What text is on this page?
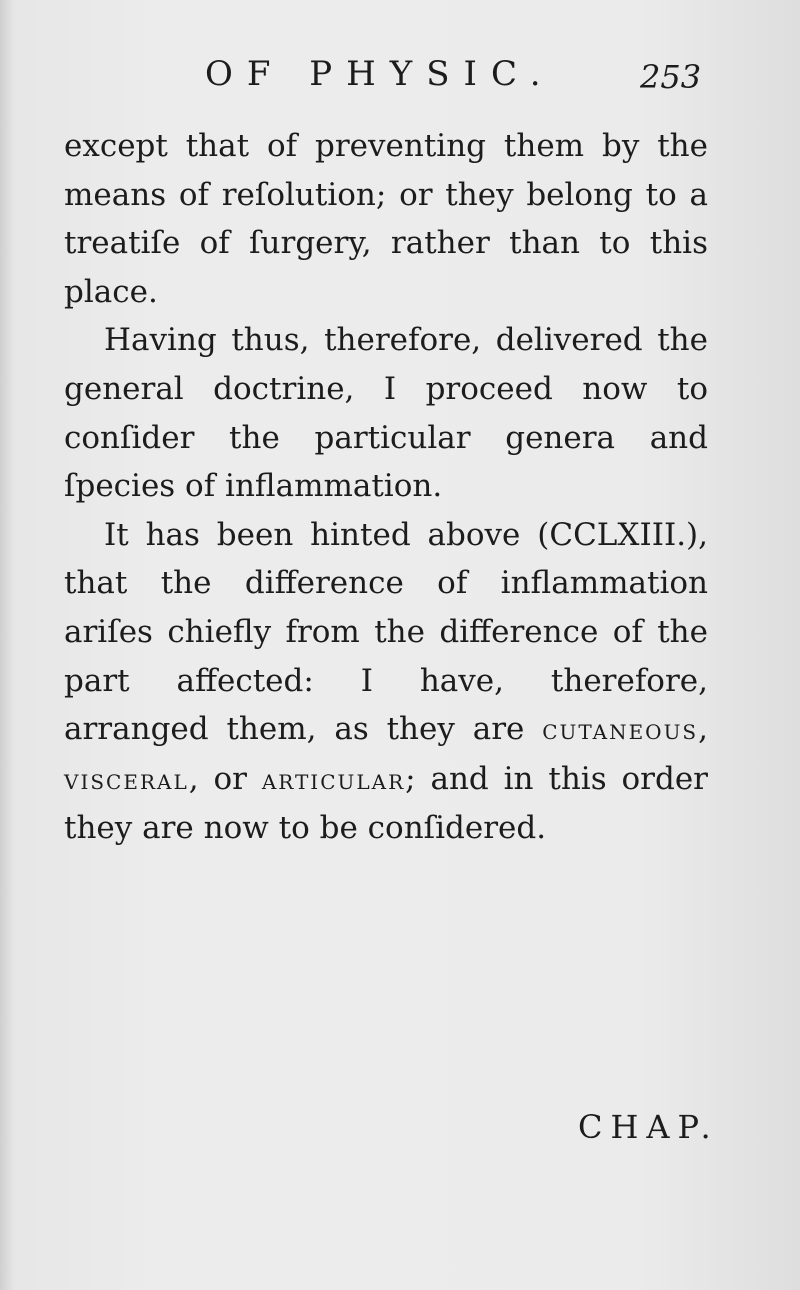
OF PHYSIC.	253

except that of preventing them by the means of reſolution; or they belong to a treatiſe of ſurgery, rather than to this place.

Having thus, therefore, delivered the general doctrine, I proceed now to conſider the particular genera and ſpecies of inflammation.

It has been hinted above (CCLXIII.), that the difference of inflammation ariſes chiefly from the difference of the part affected: I have, therefore, arranged them, as they are cutaneous, visceral, or articular; and in this order they are now to be conſidered.

CHAP.
